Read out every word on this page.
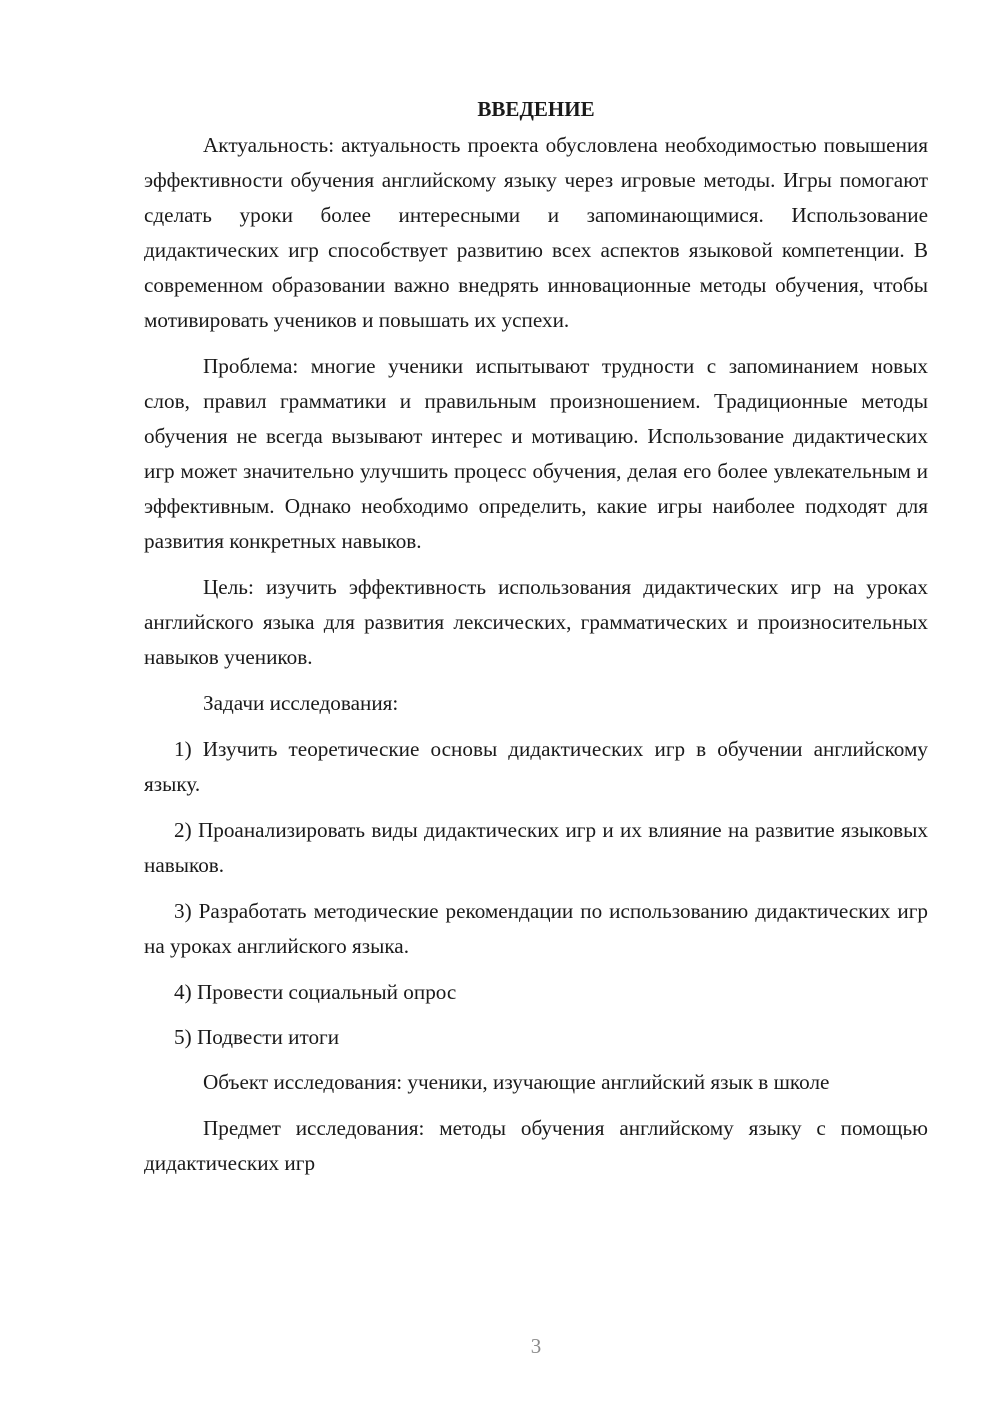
ВВЕДЕНИЕ

Актуальность: актуальность проекта обусловлена необходимостью повышения эффективности обучения английскому языку через игровые методы. Игры помогают сделать уроки более интересными и запоминающимися. Использование дидактических игр способствует развитию всех аспектов языковой компетенции. В современном образовании важно внедрять инновационные методы обучения, чтобы мотивировать учеников и повышать их успехи.

Проблема: многие ученики испытывают трудности с запоминанием новых слов, правил грамматики и правильным произношением. Традиционные методы обучения не всегда вызывают интерес и мотивацию. Использование дидактических игр может значительно улучшить процесс обучения, делая его более увлекательным и эффективным. Однако необходимо определить, какие игры наиболее подходят для развития конкретных навыков.

Цель: изучить эффективность использования дидактических игр на уроках английского языка для развития лексических, грамматических и произносительных навыков учеников.

Задачи исследования:

1) Изучить теоретические основы дидактических игр в обучении английскому языку.

2) Проанализировать виды дидактических игр и их влияние на развитие языковых навыков.

3) Разработать методические рекомендации по использованию дидактических игр на уроках английского языка.

4) Провести социальный опрос

5) Подвести итоги

Объект исследования: ученики, изучающие английский язык в школе

Предмет исследования: методы обучения английскому языку с помощью дидактических игр

3
